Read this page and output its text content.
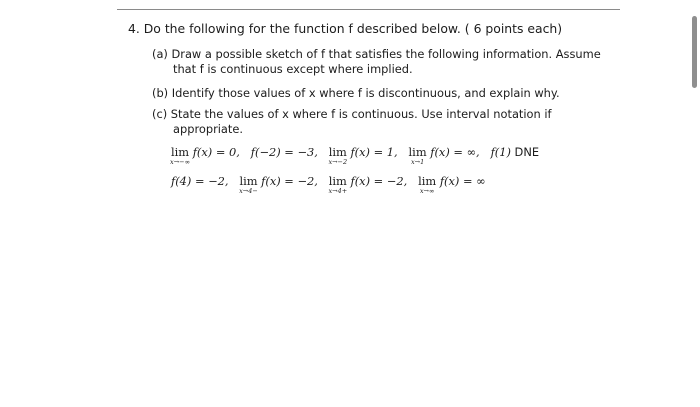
4. Do the following for the function f described below. ( 6 points each)
(a) Draw a possible sketch of f that satisfies the following information. Assume
that f is continuous except where implied.
(b) Identify those values of x where f is discontinuous, and explain why.
(c) State the values of x where f is continuous. Use interval notation if
appropriate.
lim
x→−∞
f(x) = 0, f(−2) = −3, lim
x→−2
f(x) = 1, lim
x→1
f(x) = ∞, f(1) DNE
f(4) = −2, lim
x→4−
f(x) = −2, lim
x→4+
f(x) = −2, lim
x→∞
f(x) = ∞
